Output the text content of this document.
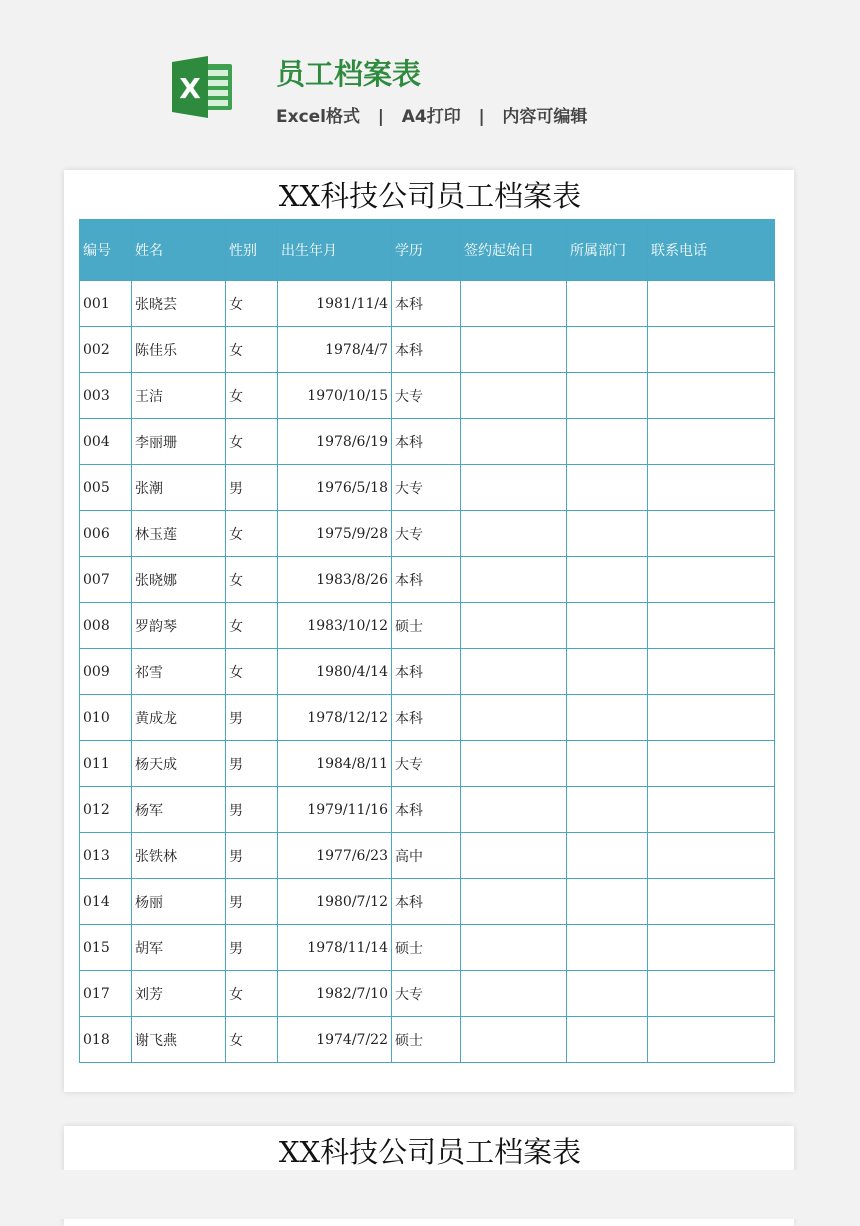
X	员工档案表
Excel格式   |   A4打印   |   内容可编辑
XX科技公司员工档案表
编号	姓名	性别	出生年月	学历	签约起始日	所属部门	联系电话
001	张晓芸	女	1981/11/4	本科			
002	陈佳乐	女	1978/4/7	本科			
003	王洁	女	1970/10/15	大专			
004	李丽珊	女	1978/6/19	本科			
005	张潮	男	1976/5/18	大专			
006	林玉莲	女	1975/9/28	大专			
007	张晓娜	女	1983/8/26	本科			
008	罗韵琴	女	1983/10/12	硕士			
009	祁雪	女	1980/4/14	本科			
010	黄成龙	男	1978/12/12	本科			
011	杨天成	男	1984/8/11	大专			
012	杨军	男	1979/11/16	本科			
013	张铁林	男	1977/6/23	高中			
014	杨丽	男	1980/7/12	本科			
015	胡军	男	1978/11/14	硕士			
017	刘芳	女	1982/7/10	大专			
018	谢飞燕	女	1974/7/22	硕士			
XX科技公司员工档案表
